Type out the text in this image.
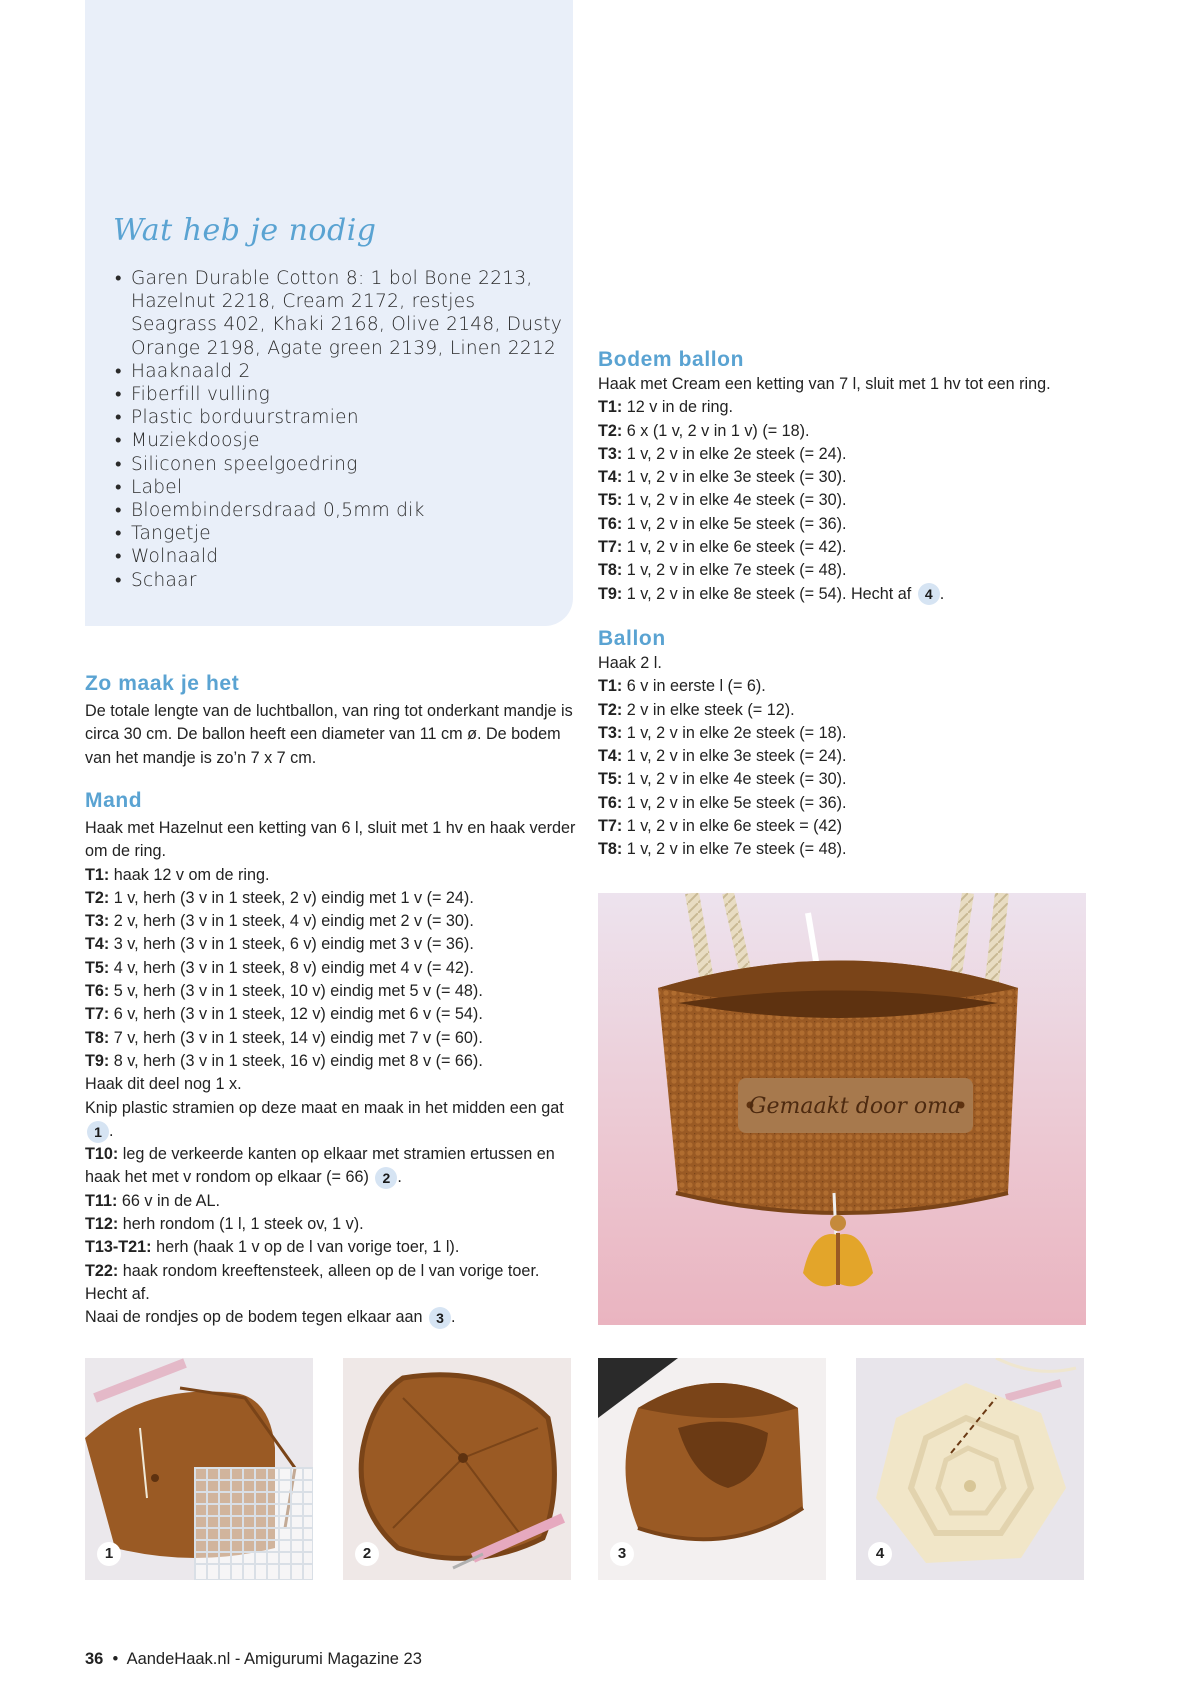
Wat heb je nodig
• Garen Durable Cotton 8: 1 bol Bone 2213, Hazelnut 2218, Cream 2172, restjes Seagrass 402, Khaki 2168, Olive 2148, Dusty Orange 2198, Agate green 2139, Linen 2212
• Haaknaald 2
• Fiberfill vulling
• Plastic borduurstramien
• Muziekdoosje
• Siliconen speelgoedring
• Label
• Bloembindersdraad 0,5mm dik
• Tangetje
• Wolnaald
• Schaar
Zo maak je het

De totale lengte van de luchtballon, van ring tot onderkant mandje is circa 30 cm. De ballon heeft een diameter van 11 cm ø. De bodem van het mandje is zo’n 7 x 7 cm.

Mand

Haak met Hazelnut een ketting van 6 l, sluit met 1 hv en haak verder om de ring.

T1: haak 12 v om de ring.

T2: 1 v, herh (3 v in 1 steek, 2 v) eindig met 1 v (= 24).

T3: 2 v, herh (3 v in 1 steek, 4 v) eindig met 2 v (= 30).

T4: 3 v, herh (3 v in 1 steek, 6 v) eindig met 3 v (= 36).

T5: 4 v, herh (3 v in 1 steek, 8 v) eindig met 4 v (= 42).

T6: 5 v, herh (3 v in 1 steek, 10 v) eindig met 5 v (= 48).

T7: 6 v, herh (3 v in 1 steek, 12 v) eindig met 6 v (= 54).

T8: 7 v, herh (3 v in 1 steek, 14 v) eindig met 7 v (= 60).

T9: 8 v, herh (3 v in 1 steek, 16 v) eindig met 8 v (= 66).

Haak dit deel nog 1 x.

Knip plastic stramien op deze maat en maak in het midden een gat 1 .

T10: leg de verkeerde kanten op elkaar met stramien ertussen en haak het met v rondom op elkaar (= 66) 2 .

T11: 66 v in de AL.

T12: herh rondom (1 l, 1 steek ov, 1 v).

T13-T21: herh (haak 1 v op de l van vorige toer, 1 l).

T22: haak rondom kreeftensteek, alleen op de l van vorige toer. Hecht af.

Naai de rondjes op de bodem tegen elkaar aan 3 .

Bodem ballon

Haak met Cream een ketting van 7 l, sluit met 1 hv tot een ring.

T1: 12 v in de ring.

T2: 6 x (1 v, 2 v in 1 v) (= 18).

T3: 1 v, 2 v in elke 2e steek (= 24).

T4: 1 v, 2 v in elke 3e steek (= 30).

T5: 1 v, 2 v in elke 4e steek (= 30).

T6: 1 v, 2 v in elke 5e steek (= 36).

T7: 1 v, 2 v in elke 6e steek (= 42).

T8: 1 v, 2 v in elke 7e steek (= 48).

T9: 1 v, 2 v in elke 8e steek (= 54). Hecht af 4 .

Ballon

Haak 2 l.

T1: 6 v in eerste l (= 6).

T2: 2 v in elke steek (= 12).

T3: 1 v, 2 v in elke 2e steek (= 18).

T4: 1 v, 2 v in elke 3e steek (= 24).

T5: 1 v, 2 v in elke 4e steek (= 30).

T6: 1 v, 2 v in elke 5e steek (= 36).

T7: 1 v, 2 v in elke 6e steek = (42)

T8: 1 v, 2 v in elke 7e steek (= 48).

Gemaakt door oma
1	2	3	4
36 • AandeHaak.nl - Amigurumi Magazine 23
